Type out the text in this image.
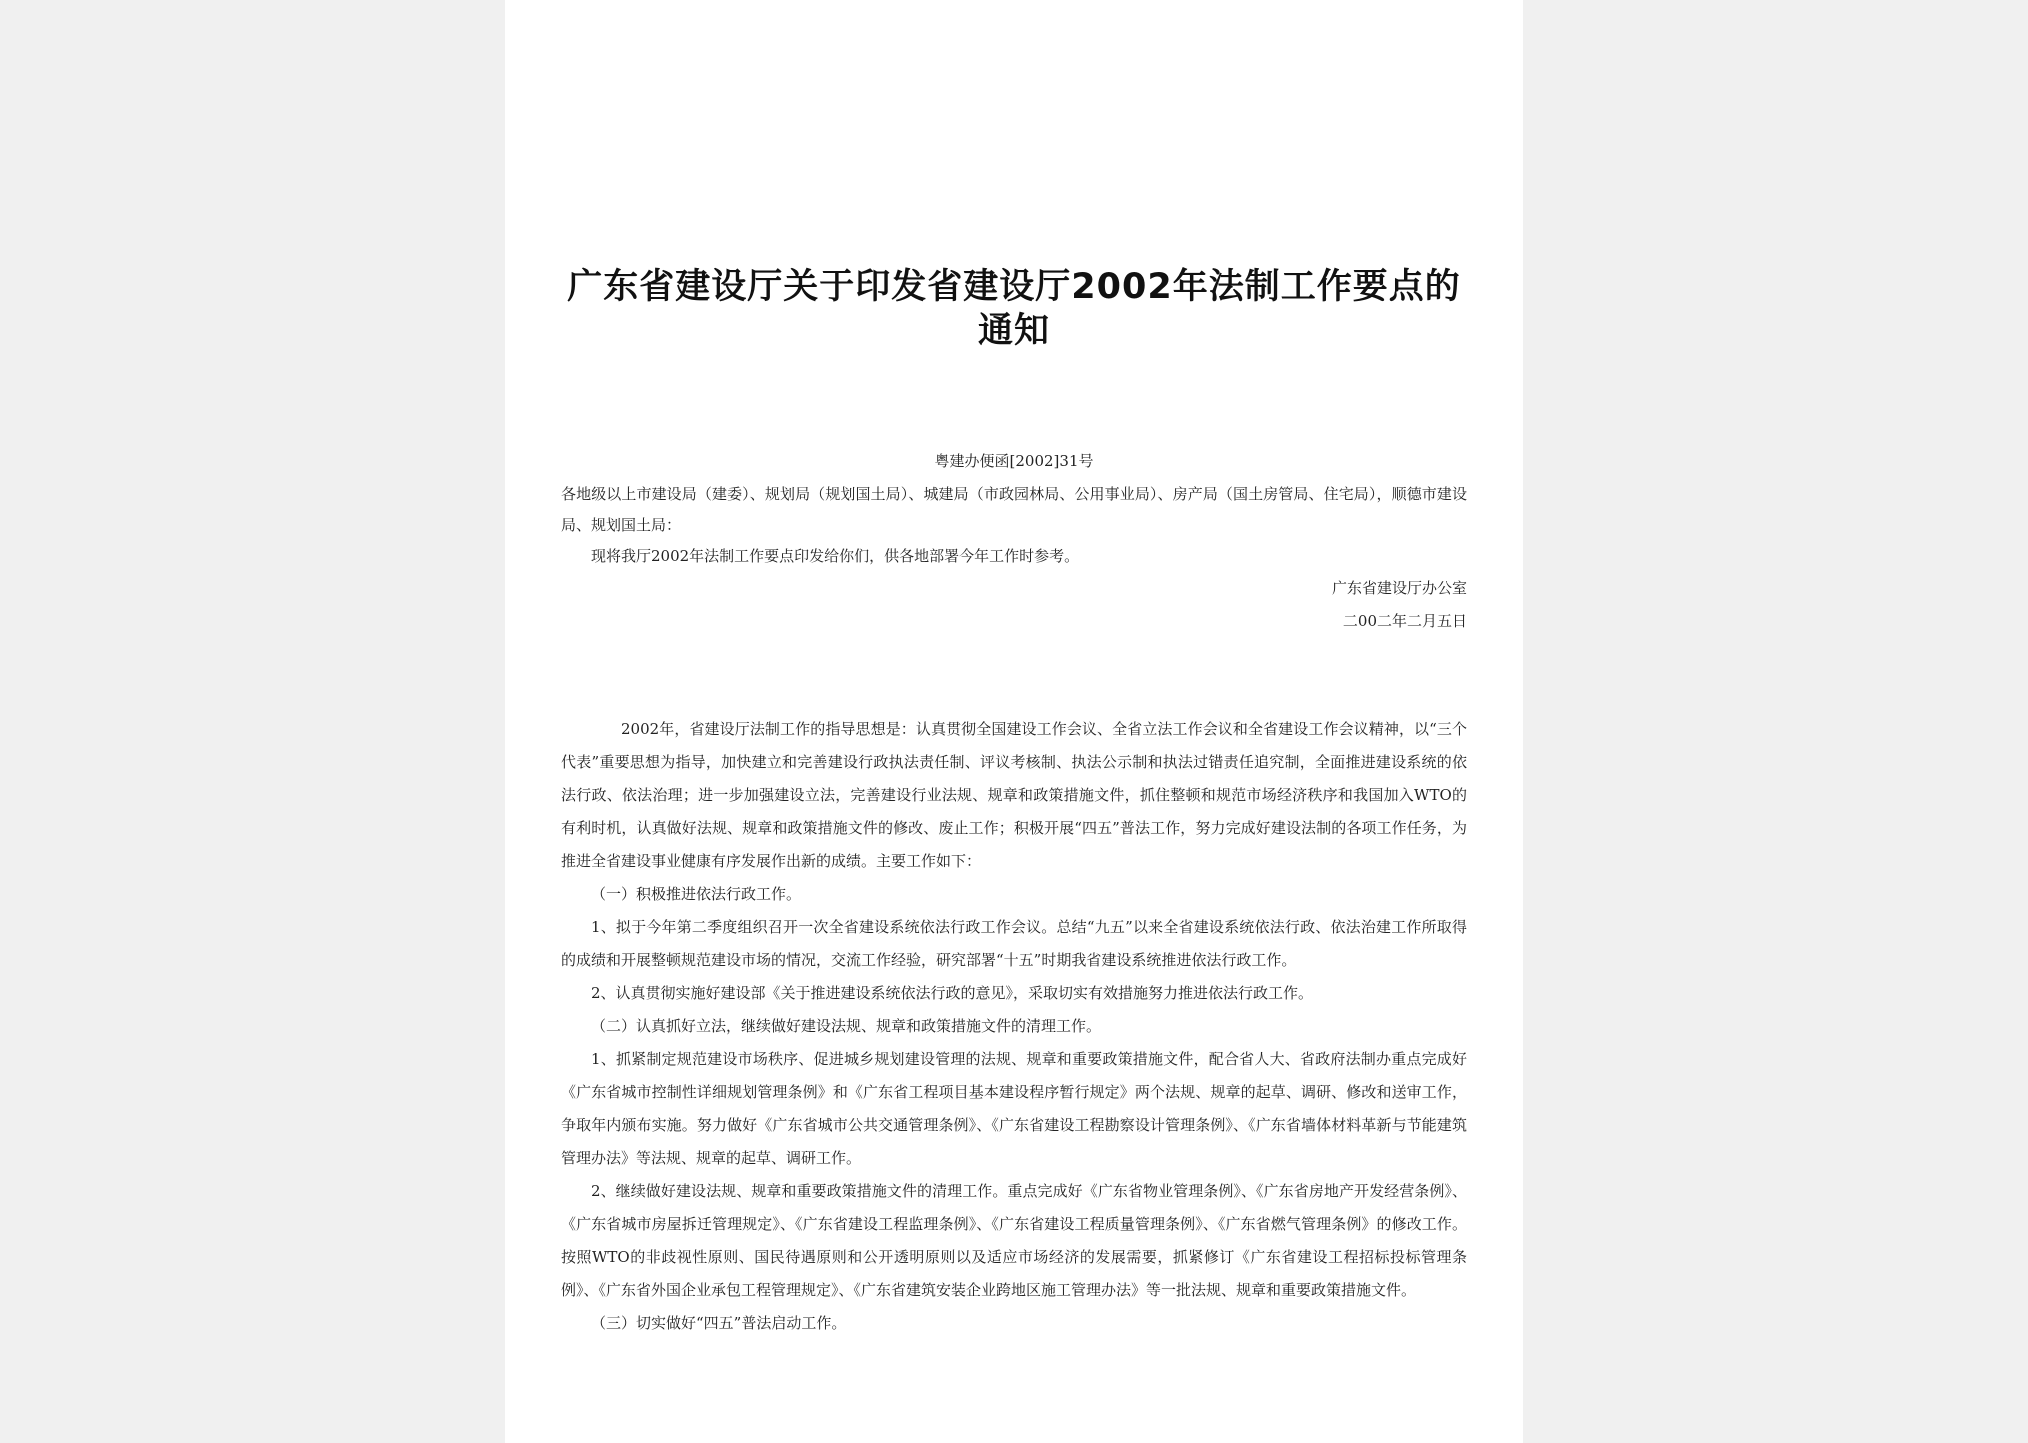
广东省建设厅关于印发省建设厅2002年法制工作要点的
通知
粤建办便函[2002]31号
各地级以上市建设局（建委）、规划局（规划国土局）、城建局（市政园林局、公用事业局）、房产局（国土房管局、住宅局），顺德市建设局、规划国土局：
现将我厅2002年法制工作要点印发给你们，供各地部署今年工作时参考。
广东省建设厅办公室
二00二年二月五日

2002年，省建设厅法制工作的指导思想是：认真贯彻全国建设工作会议、全省立法工作会议和全省建设工作会议精神，以“三个代表”重要思想为指导，加快建立和完善建设行政执法责任制、评议考核制、执法公示制和执法过错责任追究制，全面推进建设系统的依法行政、依法治理；进一步加强建设立法，完善建设行业法规、规章和政策措施文件，抓住整顿和规范市场经济秩序和我国加入WTO的有利时机，认真做好法规、规章和政策措施文件的修改、废止工作；积极开展“四五”普法工作，努力完成好建设法制的各项工作任务，为推进全省建设事业健康有序发展作出新的成绩。主要工作如下：

（一）积极推进依法行政工作。

1、拟于今年第二季度组织召开一次全省建设系统依法行政工作会议。总结“九五”以来全省建设系统依法行政、依法治建工作所取得的成绩和开展整顿规范建设市场的情况，交流工作经验，研究部署“十五”时期我省建设系统推进依法行政工作。

2、认真贯彻实施好建设部《关于推进建设系统依法行政的意见》，采取切实有效措施努力推进依法行政工作。

（二）认真抓好立法，继续做好建设法规、规章和政策措施文件的清理工作。

1、抓紧制定规范建设市场秩序、促进城乡规划建设管理的法规、规章和重要政策措施文件，配合省人大、省政府法制办重点完成好《广东省城市控制性详细规划管理条例》和《广东省工程项目基本建设程序暂行规定》两个法规、规章的起草、调研、修改和送审工作，争取年内颁布实施。努力做好《广东省城市公共交通管理条例》、《广东省建设工程勘察设计管理条例》、《广东省墙体材料革新与节能建筑管理办法》等法规、规章的起草、调研工作。

2、继续做好建设法规、规章和重要政策措施文件的清理工作。重点完成好《广东省物业管理条例》、《广东省房地产开发经营条例》、《广东省城市房屋拆迁管理规定》、《广东省建设工程监理条例》、《广东省建设工程质量管理条例》、《广东省燃气管理条例》的修改工作。按照WTO的非歧视性原则、国民待遇原则和公开透明原则以及适应市场经济的发展需要，抓紧修订《广东省建设工程招标投标管理条例》、《广东省外国企业承包工程管理规定》、《广东省建筑安装企业跨地区施工管理办法》等一批法规、规章和重要政策措施文件。

（三）切实做好“四五”普法启动工作。
